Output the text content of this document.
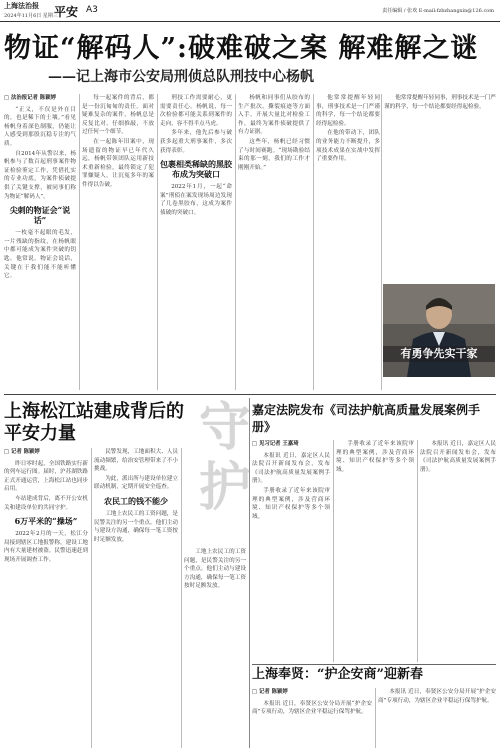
上海法治报
2024年11月6日 星期三
平安 A3	责任编辑 / 张欢 E-mail:fzbzhangxin@126.com
物证“解码人”:破难破之案 解难解之谜
——记上海市公安局刑侦总队刑技中心杨帆
□ 法治报记者 陈颖婷

“正义，不仅是外在目的，也是稀下的土壤。”看见杨帆身着深色制服，仍能让人感受到那股沉稳专注的气质。

自2014年从警以来，杨帆参与了数百起刑事案件物证检验鉴定工作，凭借扎实的专业功底，为案件侦破提供了关键支撑，被同事们称为物证“解码人”。

尖刺的物证会“说话”

一枚毫不起眼的毛发，一片残缺的指纹，在杨帆眼中都可能成为案件突破的钥匙。他常说，物证会说话，关键在于我们能不能听懂它。

每一起案件的背后，都是一份沉甸甸的责任。面对疑难复杂的案件，杨帆总是反复比对、仔细推敲，不放过任何一个细节。

在一起陈年旧案中，现场遗留的物证早已年代久远，杨帆带领团队运用新技术重新检验，最终锁定了犯罪嫌疑人，让沉冤多年的案件得以告破。

刑技工作需要耐心，更需要责任心。杨帆说，每一次检验都可能关系到案件的走向，容不得半点马虎。

多年来，他先后参与破获多起重大刑事案件，多次获得表彰。

包裹相类稀缺的黑胶布成为突破口

2022年1月，一起“命案”刑侦在案发现场周边发现了几卷黑胶布，这成为案件侦破的突破口。

杨帆和同事们从胶布的生产批次、撕裂痕迹等方面入手，开展大量比对检验工作，最终为案件侦破提供了有力证据。

这些年，杨帆已经习惯了与时间赛跑。“现场勘验结束的那一刻，我们的工作才刚刚开始。”

他常常提醒年轻同事，刑事技术是一门严谨的科学，每一个结论都要经得起检验。

在他的带动下，团队的业务能力不断提升，多项技术成果在实战中发挥了重要作用。

他常常提醒年轻同事，刑事技术是一门严谨的科学，每一个结论都要经得起检验。

有勇争先实干家
上海松江站建成背后的平安力量
□ 记者 陈颖婷

昨日零时起，全国铁路实行新的列车运行图。届时，沪苏湖铁路正式开通运营，上海松江站也同步启用。

车站建成背后，离不开公安机关和建设单位的共同守护。

6万平米的“操场”

2022年2月的一天，松江分局接到辖区工地报警称，建设工地内有大量建材被盗。民警迅速赶到现场开展调查工作。

民警发现，工地面积大、人员流动频繁，给治安管理带来了不小挑战。

为此，派出所与建设单位建立联动机制，定期开展安全巡查。

农民工的钱不能少

工地上农民工的工资问题，是民警关注的另一个重点。他们主动与建设方沟通，确保每一笔工资按时足额发放。

工地上农民工的工资问题，是民警关注的另一个重点。他们主动与建设方沟通，确保每一笔工资按时足额发放。

守护
嘉定法院发布《司法护航高质量发展案例手册》
□ 见习记者 王嘉琦

本报讯 近日，嘉定区人民法院召开新闻发布会，发布《司法护航高质量发展案例手册》。

手册收录了近年来该院审理的典型案例，涉及营商环境、知识产权保护等多个领域。

手册收录了近年来该院审理的典型案例，涉及营商环境、知识产权保护等多个领域。

本报讯 近日，嘉定区人民法院召开新闻发布会，发布《司法护航高质量发展案例手册》。

上海奉贤：“护企安商”迎新春
□ 记者 陈颖婷

本报讯 近日，奉贤区公安分局开展“护企安商”专项行动，为辖区企业平稳运行保驾护航。

本报讯 近日，奉贤区公安分局开展“护企安商”专项行动，为辖区企业平稳运行保驾护航。
